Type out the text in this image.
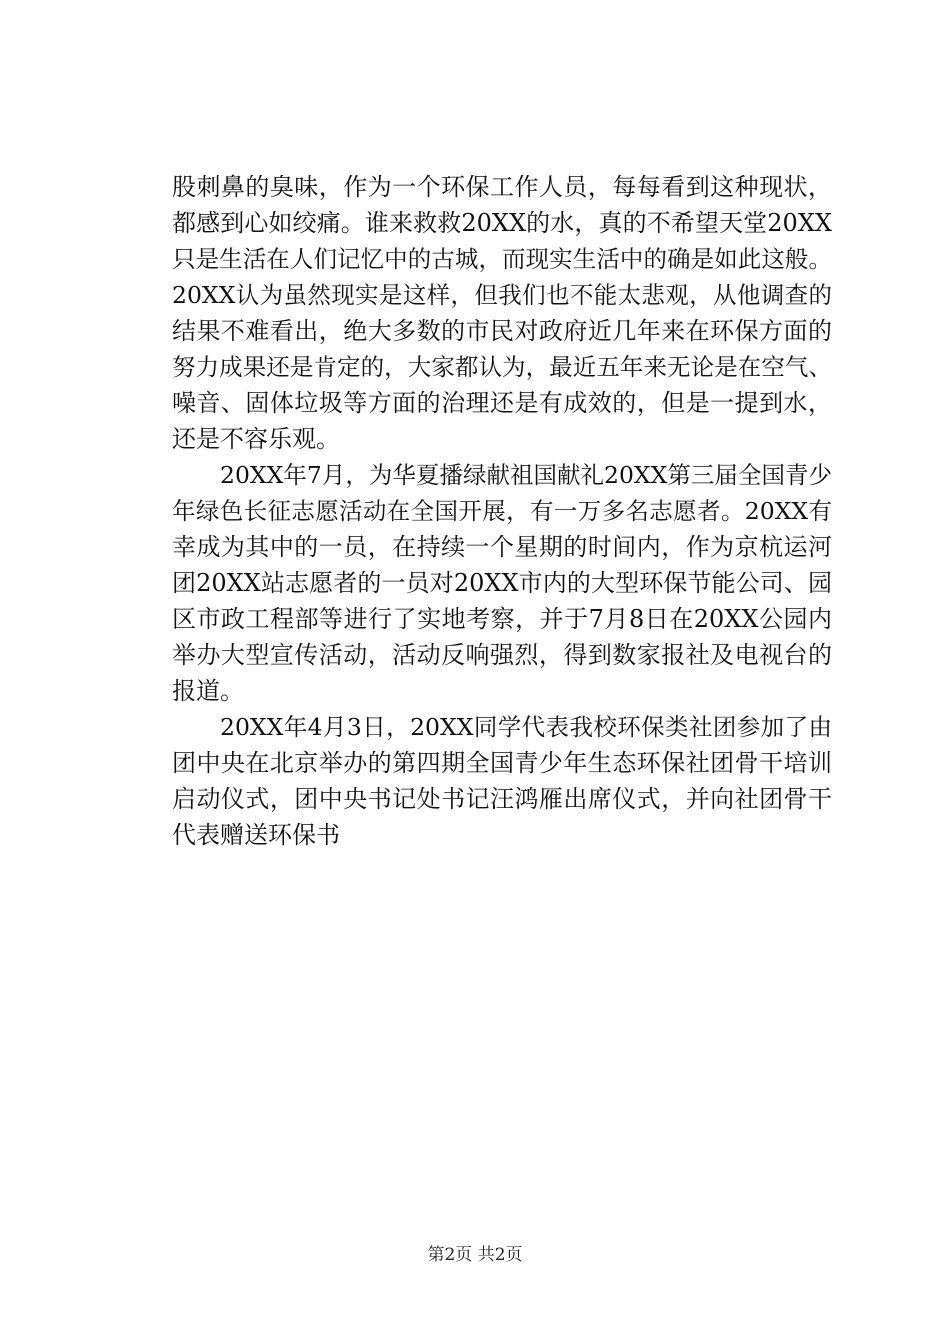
股刺鼻的臭味，作为一个环保工作人员，每每看到这种现状，
都感到心如绞痛。谁来救救20XX的水，真的不希望天堂20XX
只是生活在人们记忆中的古城，而现实生活中的确是如此这般。
20XX认为虽然现实是这样，但我们也不能太悲观，从他调查的
结果不难看出，绝大多数的市民对政府近几年来在环保方面的
努力成果还是肯定的，大家都认为，最近五年来无论是在空气、
噪音、固体垃圾等方面的治理还是有成效的，但是一提到水，
还是不容乐观。
20XX年7月，为华夏播绿献祖国献礼20XX第三届全国青少
年绿色长征志愿活动在全国开展，有一万多名志愿者。20XX有
幸成为其中的一员，在持续一个星期的时间内，作为京杭运河
团20XX站志愿者的一员对20XX市内的大型环保节能公司、园
区市政工程部等进行了实地考察，并于7月8日在20XX公园内
举办大型宣传活动，活动反响强烈，得到数家报社及电视台的
报道。
20XX年4月3日，20XX同学代表我校环保类社团参加了由
团中央在北京举办的第四期全国青少年生态环保社团骨干培训
启动仪式，团中央书记处书记汪鸿雁出席仪式，并向社团骨干
代表赠送环保书
第2页 共2页
